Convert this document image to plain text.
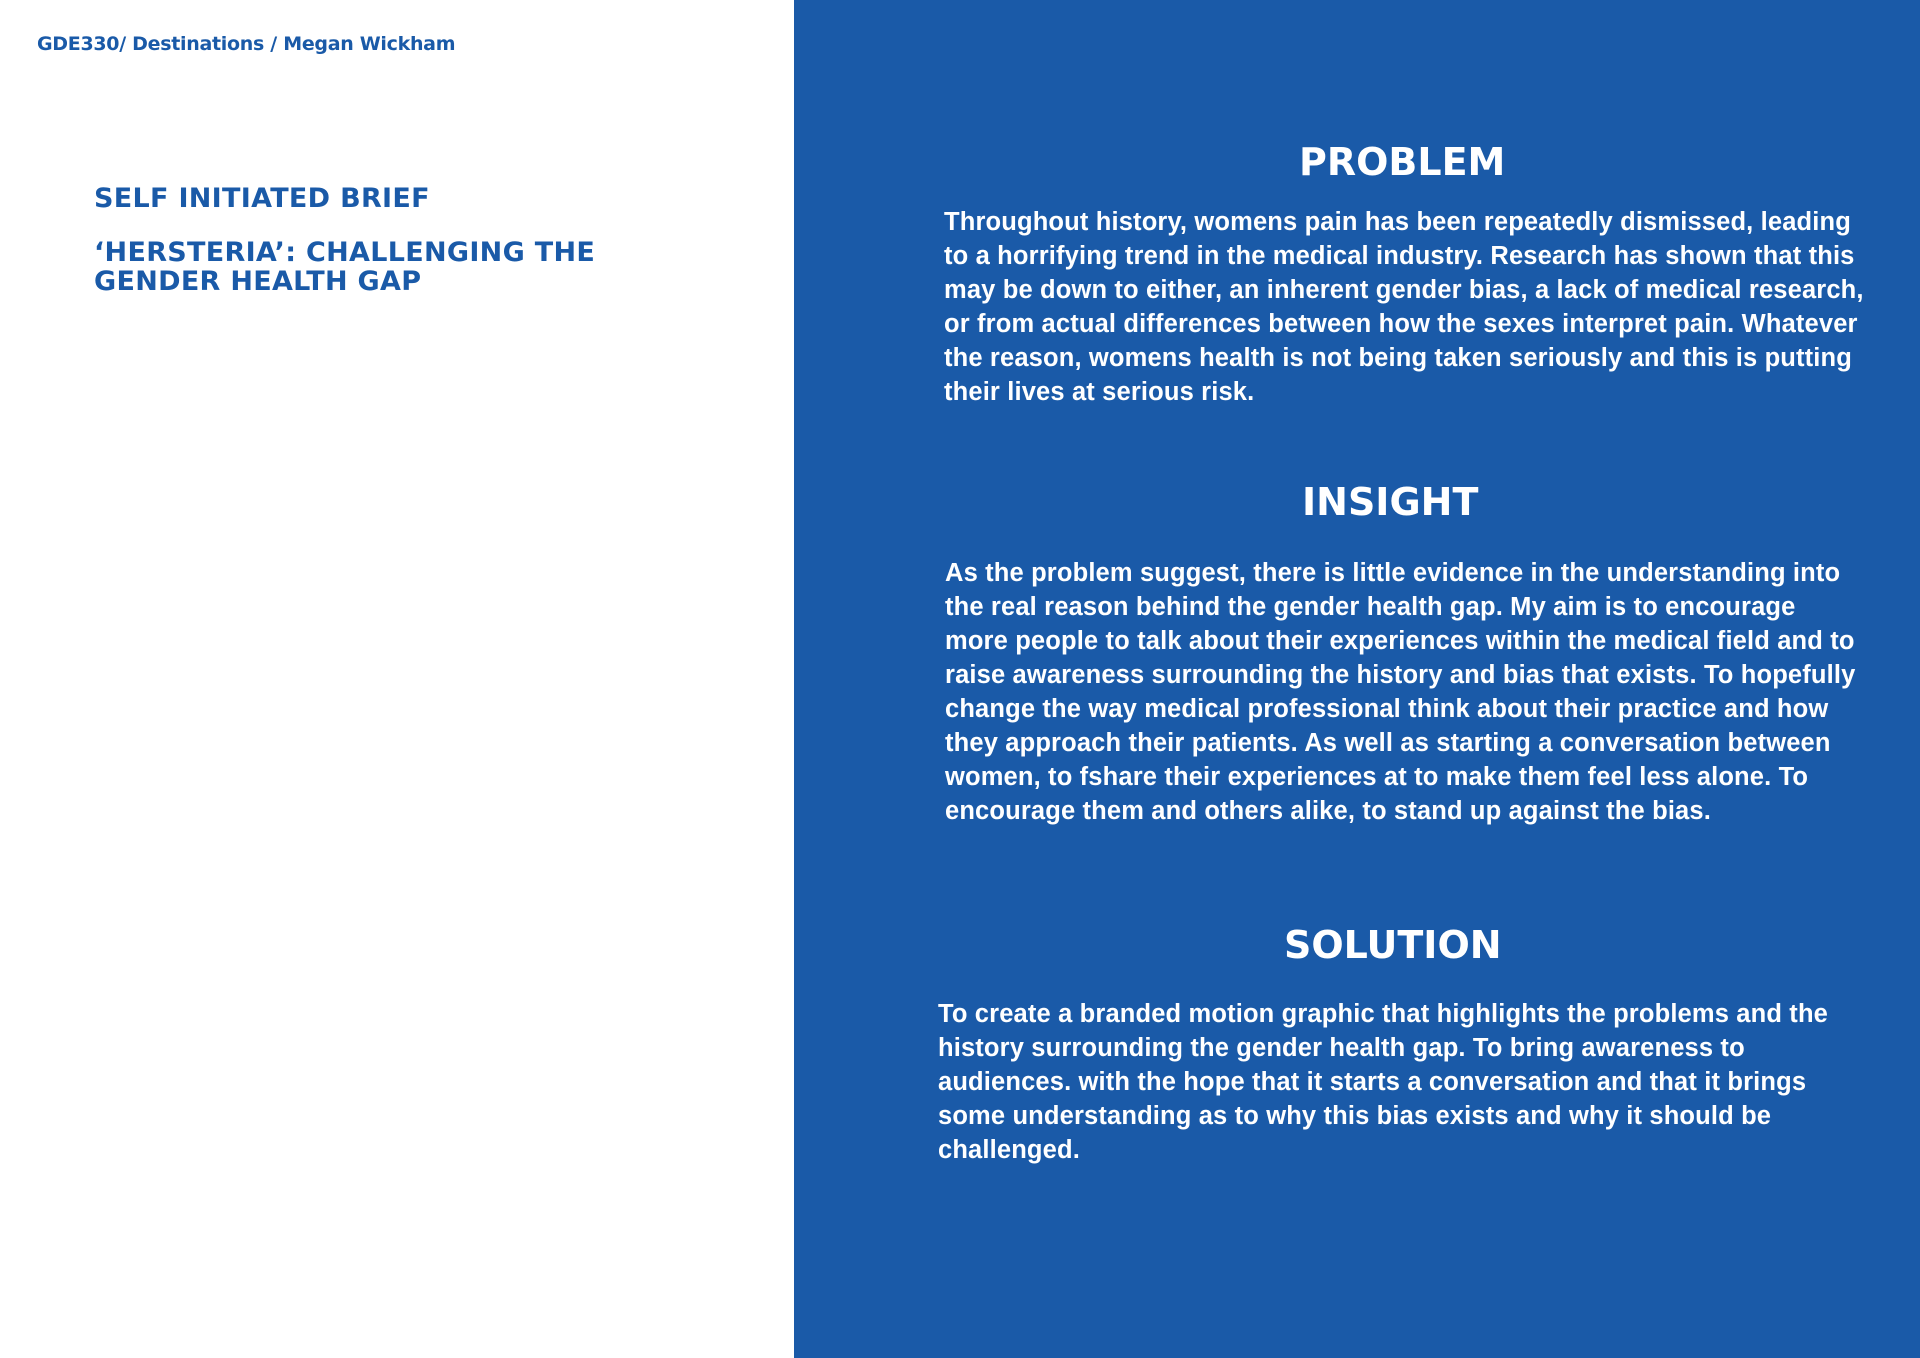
GDE330/ Destinations / Megan Wickham
SELF INITIATED BRIEF
‘HERSTERIA’: CHALLENGING THE GENDER HEALTH GAP
PROBLEM

Throughout history, womens pain has been repeatedly dismissed, leading to a horrifying trend in the medical industry. Research has shown that this may be down to either, an inherent gender bias, a lack of medical research, or from actual differences between how the sexes interpret pain. Whatever the reason, womens health is not being taken seriously and this is putting their lives at serious risk.

INSIGHT

As the problem suggest, there is little evidence in the understanding into the real reason behind the gender health gap. My aim is to encourage more people to talk about their experiences within the medical field and to raise awareness surrounding the history and bias that exists. To hopefully change the way medical professional think about their practice and how they approach their patients. As well as starting a conversation between women, to fshare their experiences at to make them feel less alone. To encourage them and others alike, to stand up against the bias.

SOLUTION

To create a branded motion graphic that highlights the problems and the history surrounding the gender health gap. To bring awareness to audiences. with the hope that it starts a conversation and that it brings some understanding as to why this bias exists and why it should be challenged.
